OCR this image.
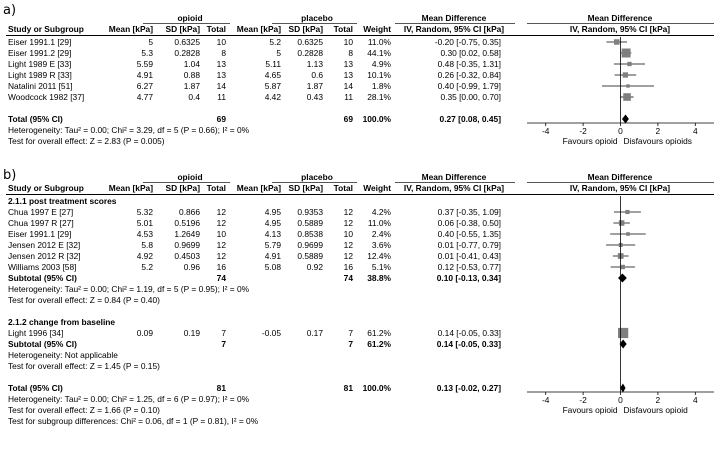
a)	opioid	placebo	Mean Difference	Mean Difference
Study or Subgroup	Mean [kPa] SD [kPa] Total Mean [kPa] SD [kPa] Total Weight	IV, Random, 95% CI [kPa]	IV, Random, 95% CI [kPa]
Eiser 1991.1 [29]	5	0.6325 10	5.2 0.6325 10 11.0%	-0.20 [-0.75, 0.35]
Eiser 1991.2 [29]	5.3	0.2828	8	5 0.2828	8 44.1%	0.30 [0.02, 0.58]
Light 1989 E [33]	5.59	1.04 13	5.11	1.13 13 4.9%	0.48 [-0.35, 1.31]
Light 1989 R [33]	4.91	0.88 13	4.65	0.6 13 10.1%	0.26 [-0.32, 0.84]
Natalini 2011 [51]	6.27	1.87 14	5.87	1.87 14 1.8%	0.40 [-0.99, 1.79]
Woodcock 1982 [37]	4.77	0.4 11	4.42	0.43	11 28.1%	0.35 [0.00, 0.70]
Total (95% CI)	69	69 100.0%	0.27 [0.08, 0.45]
Heterogeneity: Tau² = 0.00; Chi² = 3.29, df = 5 (P = 0.66); I² = 0%
Test for overall effect: Z = 2.83 (P = 0.005)
-4	-2	0	2	4
Favours opioid Disfavours opioids
b)	opioid	placebo	Mean Difference	Mean Difference
Study or Subgroup	Mean [kPa] SD [kPa] Total Mean [kPa] SD [kPa] Total Weight	IV, Random, 95% CI [kPa]	IV, Random, 95% CI [kPa]
2.1.1 post treatment scores
Chua 1997 E [27]	5.32	0.866 12	4.95 0.9353 12 4.2%	0.37 [-0.35, 1.09]
Chua 1997 R [27]	5.01	0.5196 12	4.95 0.5889 12 11.0%	0.06 [-0.38, 0.50]
Eiser 1991.1 [29]	4.53	1.2649 10	4.13 0.8538 10 2.4%	0.40 [-0.55, 1.35]
Jensen 2012 E [32]	5.8	0.9699 12	5.79 0.9699 12 3.6%	0.01 [-0.77, 0.79]
Jensen 2012 R [32]	4.92	0.4503 12	4.91 0.5889 12 12.4%	0.01 [-0.41, 0.43]
Williams 2003 [58]	5.2	0.96 16	5.08	0.92 16 5.1%	0.12 [-0.53, 0.77]
Subtotal (95% CI)	74	74 38.8%	0.10 [-0.13, 0.34]
Heterogeneity: Tau² = 0.00; Chi² = 1.19, df = 5 (P = 0.95); I² = 0%
Test for overall effect: Z = 0.84 (P = 0.40)
2.1.2 change from baseline
Light 1996 [34]	0.09	0.19	7	-0.05	0.17	7 61.2%	0.14 [-0.05, 0.33]
Subtotal (95% CI)	7	7 61.2%	0.14 [-0.05, 0.33]
Heterogeneity: Not applicable
Test for overall effect: Z = 1.45 (P = 0.15)
Total (95% CI)	81	81 100.0%	0.13 [-0.02, 0.27]
Heterogeneity: Tau² = 0.00; Chi² = 1.25, df = 6 (P = 0.97); I² = 0%
Test for overall effect: Z = 1.66 (P = 0.10)
Test for subgroup differences: Chi² = 0.06, df = 1 (P = 0.81), I² = 0%
-4	-2	0	2	4
Favours opioid Disfavours opioid
